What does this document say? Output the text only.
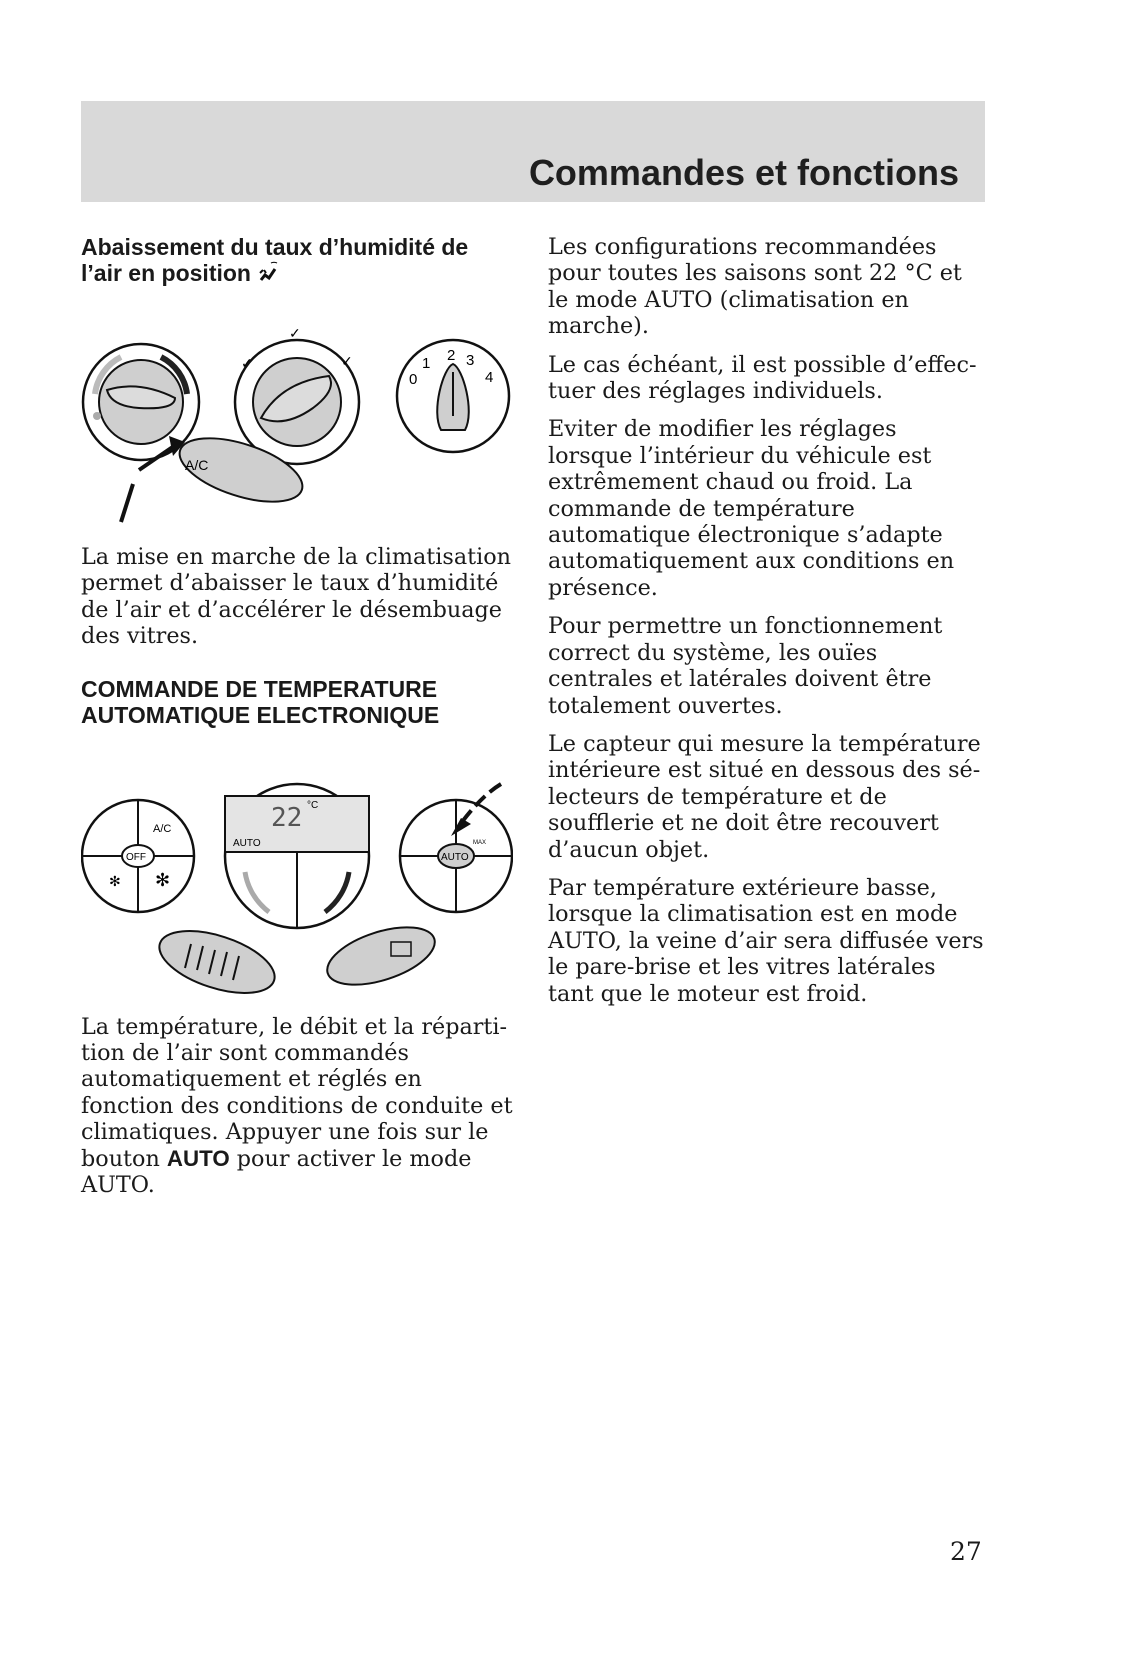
Commandes et fonctions
Abaissement du taux d’humidité de
l’air en position
✓	✓
✓
0
1 2 3
4
A/C

La mise en marche de la climatisation permet d’abaisser le taux d’humidité de l’air et d’accélérer le désembuage des vitres.

COMMANDE DE TEMPERATURE
AUTOMATIQUE ELECTRONIQUE
OFF
A/C
✻ ✻
22 °C
AUTO
AUTO
MAX

La température, le débit et la répartition de l’air sont commandés automatiquement et réglés en fonction des conditions de conduite et climatiques. Appuyer une fois sur le bouton AUTO pour activer le mode AUTO.

Les configurations recommandées pour toutes les saisons sont 22 °C et le mode AUTO (climatisation en marche).

Le cas échéant, il est possible d’effectuer des réglages individuels.

Eviter de modifier les réglages lorsque l’intérieur du véhicule est extrêmement chaud ou froid. La commande de température automatique électronique s’adapte automatiquement aux conditions en présence.

Pour permettre un fonctionnement correct du système, les ouïes centrales et latérales doivent être totalement ouvertes.

Le capteur qui mesure la température intérieure est situé en dessous des sélecteurs de température et de soufflerie et ne doit être recouvert d’aucun objet.

Par température extérieure basse, lorsque la climatisation est en mode AUTO, la veine d’air sera diffusée vers le pare-brise et les vitres latérales tant que le moteur est froid.

27
